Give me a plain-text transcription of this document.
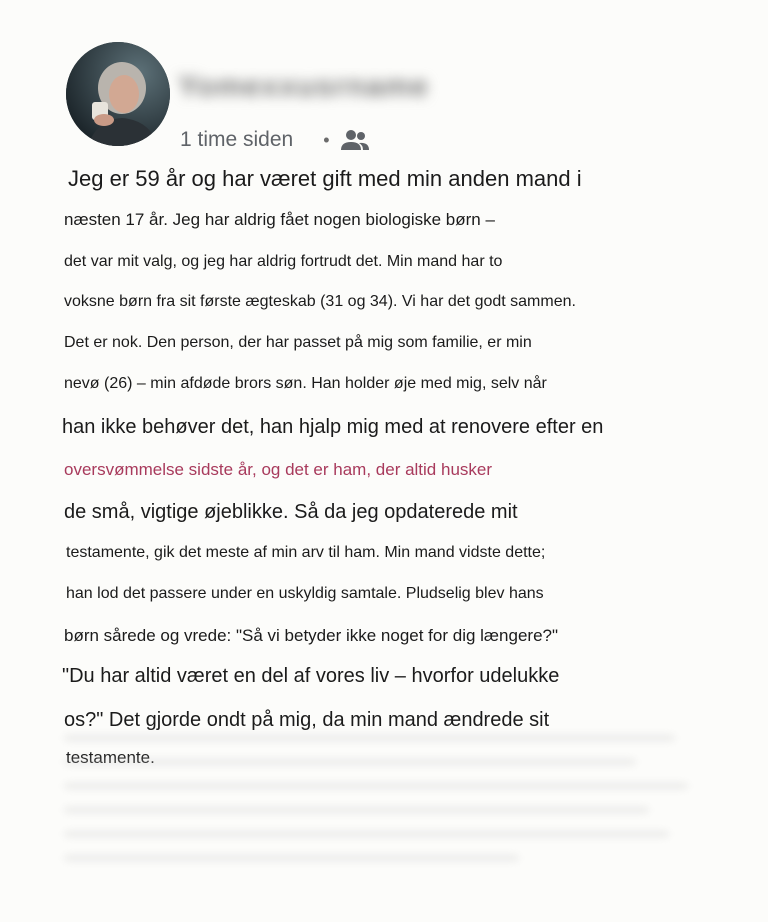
Yomexxusrname
1 time siden •
Jeg er 59 år og har været gift med min anden mand i
næsten 17 år. Jeg har aldrig fået nogen biologiske børn –
det var mit valg, og jeg har aldrig fortrudt det. Min mand har to
voksne børn fra sit første ægteskab (31 og 34). Vi har det godt sammen.
Det er nok. Den person, der har passet på mig som familie, er min
nevø (26) – min afdøde brors søn. Han holder øje med mig, selv når
han ikke behøver det, han hjalp mig med at renovere efter en
oversvømmelse sidste år, og det er ham, der altid husker
de små, vigtige øjeblikke. Så da jeg opdaterede mit
testamente, gik det meste af min arv til ham. Min mand vidste dette;
han lod det passere under en uskyldig samtale. Pludselig blev hans
børn sårede og vrede: "Så vi betyder ikke noget for dig længere?"
"Du har altid været en del af vores liv – hvorfor udelukke
os?" Det gjorde ondt på mig, da min mand ændrede sit
testamente.
